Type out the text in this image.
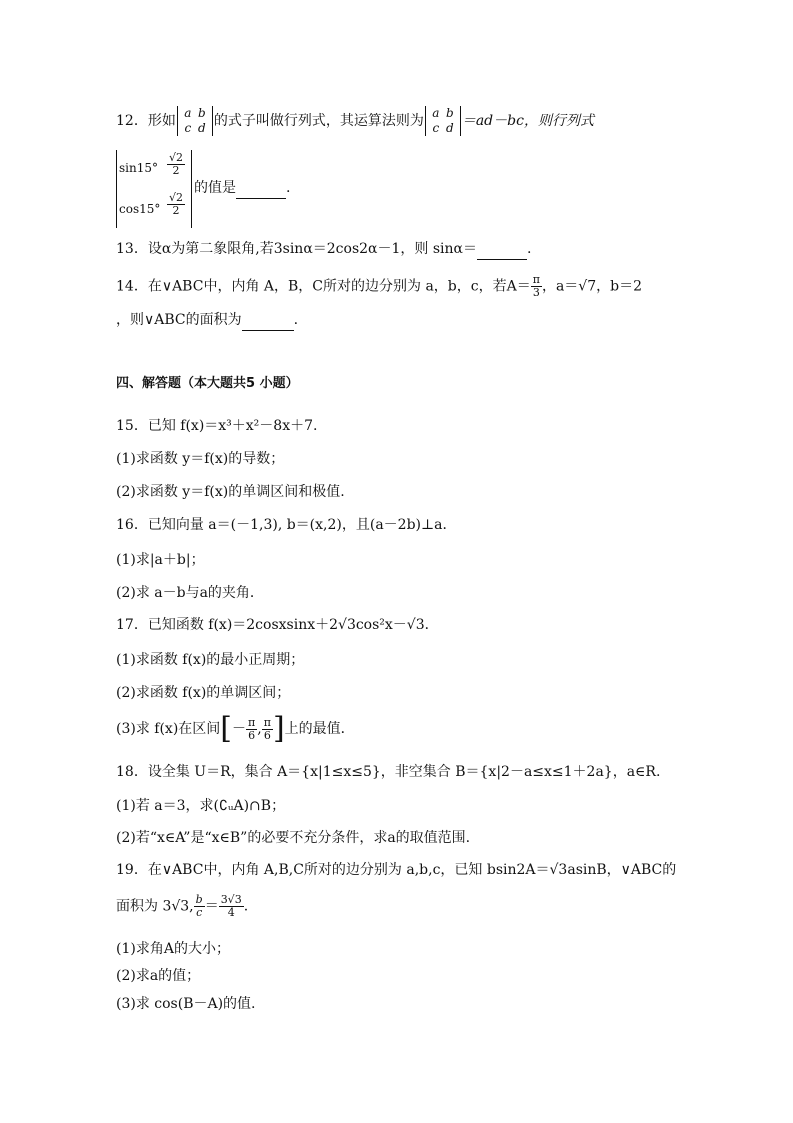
12．形如 a b
c d 的式子叫做行列式，其运算法则为 a b
c d ＝ad－bc，则行列式
$\sin 15^\circ \frac{√2}{2}$
$\cos 15^\circ \frac{√2}{2}$
的值是	.
13．设α为第二象限角,若3sinα＝2cos2α－1，则 sinα＝	.
14．在∨ABC中，内角 A，B，C所对的边分别为 a，b，c，若$A= \frac{\pi}{3}$ ，a＝√7，b＝2
，则∨ABC的面积为	.
四、解答题（本大题共5 小题）
15．已知 f(x)＝x³＋x²－8x＋7.
(1)求函数 y＝f(x)的导数；
(2)求函数 y＝f(x)的单调区间和极值.
16．已知向量 a＝(－1,3), b＝(x,2)，且(a－2b)⊥a．
(1)求|a＋b|；
(2)求 a－b与a的夹角．
17．已知函数 f(x)＝2cosxsinx＋2√3cos²x－√3．
(1)求函数 f(x)的最小正周期；
(2)求函数 f(x)的单调区间；
(3)求 f(x)在区间[－ $\frac{\pi}{6}$ , $\frac{\pi}{6}$ ]上的最值．
18．设全集 U＝R，集合 A＝{x|1≤x≤5}，非空集合 B＝{x|2－a≤x≤1＋2a}，a∈R.
(1)若 a＝3，求(∁ᵤA)∩B；
(2)若“x∈A”是“x∈B”的必要不充分条件，求a的取值范围.
19．在∨ABC中，内角 A,B,C所对的边分别为 a,b,c，已知 bsin2A＝√3asinB，∨ABC的
面积为 3√3, $\frac{b}{c} = \frac{3√3}{4}$ .
(1)求角A的大小；
(2)求a的值；
(3)求 cos(B－A)的值.
